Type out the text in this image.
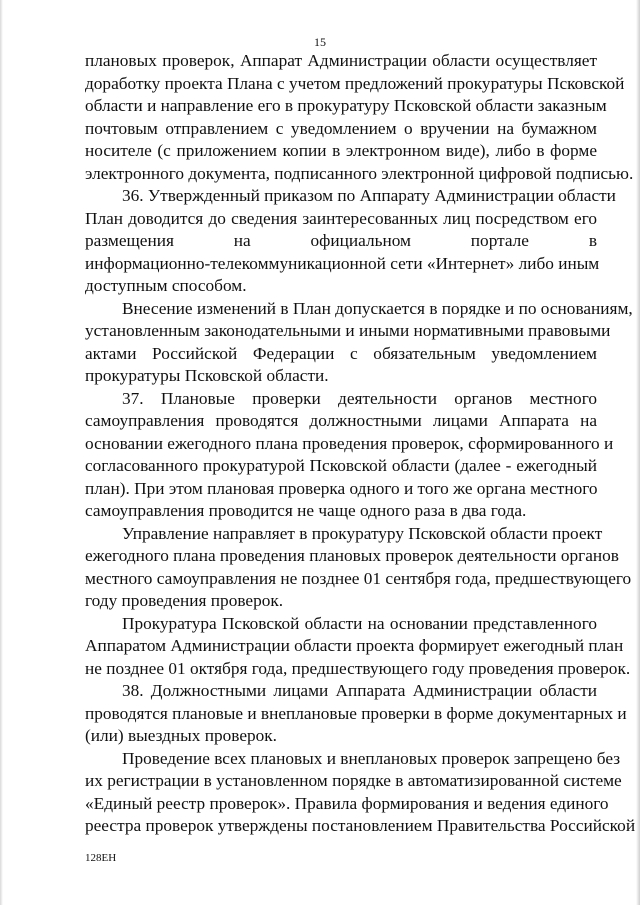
15
плановых проверок, Аппарат Администрации области осуществляет
доработку проекта Плана с учетом предложений прокуратуры Псковской
области и направление его в прокуратуру Псковской области заказным
почтовым отправлением с уведомлением о вручении на бумажном
носителе (с приложением копии в электронном виде), либо в форме
электронного документа, подписанного электронной цифровой подписью.
36. Утвержденный приказом по Аппарату Администрации области
План доводится до сведения заинтересованных лиц посредством его
размещения на официальном портале в
информационно-телекоммуникационной сети «Интернет» либо иным
доступным способом.
Внесение изменений в План допускается в порядке и по основаниям,
установленным законодательными и иными нормативными правовыми
актами Российской Федерации с обязательным уведомлением
прокуратуры Псковской области.
37. Плановые проверки деятельности органов местного
самоуправления проводятся должностными лицами Аппарата на
основании ежегодного плана проведения проверок, сформированного и
согласованного прокуратурой Псковской области (далее - ежегодный
план). При этом плановая проверка одного и того же органа местного
самоуправления проводится не чаще одного раза в два года.
Управление направляет в прокуратуру Псковской области проект
ежегодного плана проведения плановых проверок деятельности органов
местного самоуправления не позднее 01 сентября года, предшествующего
году проведения проверок.
Прокуратура Псковской области на основании представленного
Аппаратом Администрации области проекта формирует ежегодный план
не позднее 01 октября года, предшествующего году проведения проверок.
38. Должностными лицами Аппарата Администрации области
проводятся плановые и внеплановые проверки в форме документарных и
(или) выездных проверок.
Проведение всех плановых и внеплановых проверок запрещено без
их регистрации в установленном порядке в автоматизированной системе
«Единый реестр проверок». Правила формирования и ведения единого
реестра проверок утверждены постановлением Правительства Российской
128ЕН
